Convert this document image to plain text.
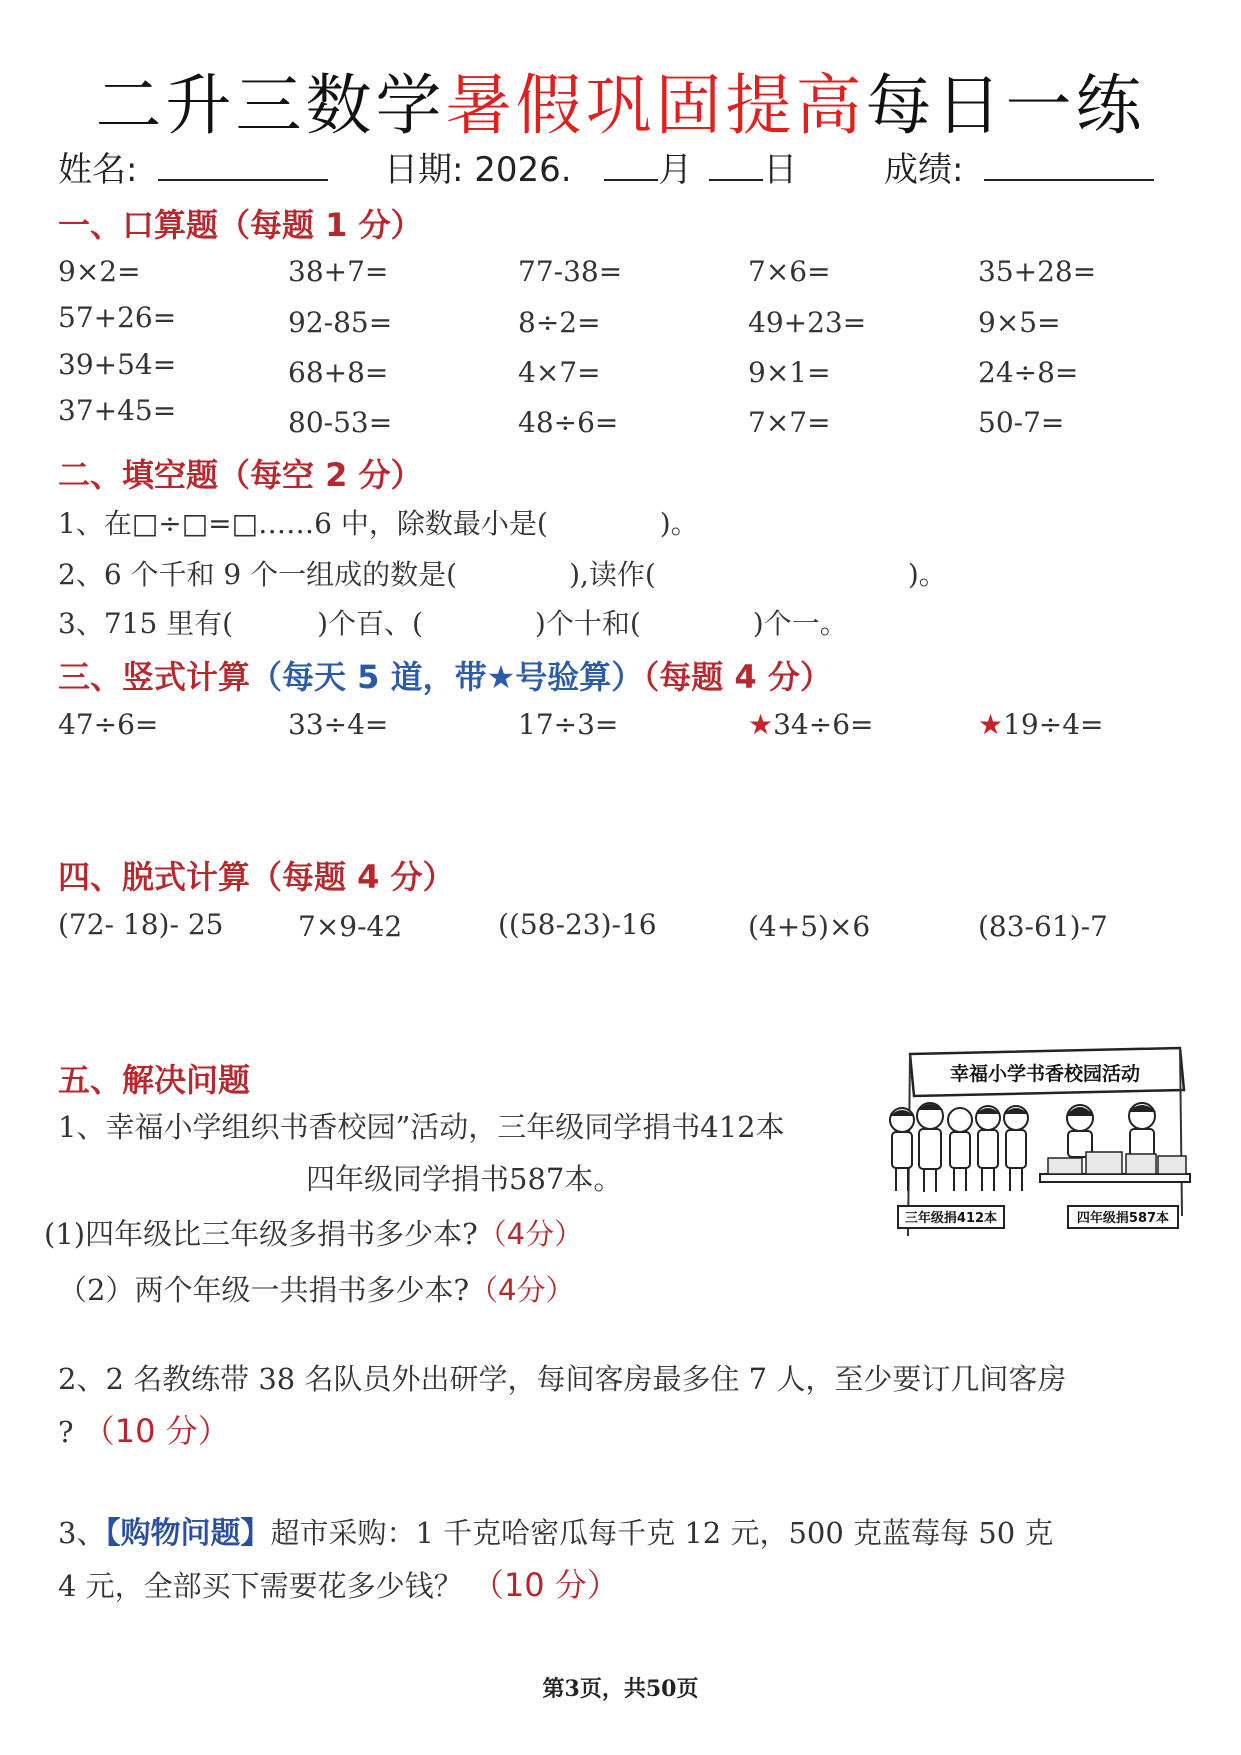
二升三数学暑假巩固提高每日一练
姓名:	日期: 2026.	月 日	成绩:
一、口算题（每题 1 分）
9×2=	38+7=	77-38=	7×6=	35+28=
57+26=	92-85=	8÷2=	49+23=	9×5=
39+54=	68+8=	4×7=	9×1=	24÷8=
37+45=	80-53=	48÷6=	7×7=	50-7=
二、填空题（每空 2 分）
1、在□÷□=□……6 中，除数最小是(　　　　)。
2、6 个千和 9 个一组成的数是(　　　　),读作(　　　　　　　　　)。
3、715 里有(　　　)个百、(　　　　)个十和(　　　　)个一。
三、竖式计算（每天 5 道，带★号验算）（每题 4 分）
47÷6=	33÷4=	17÷3=	★34÷6=	★19÷4=
四、脱式计算（每题 4 分）
(72- 18)- 25	7×9-42	((58-23)-16	(4+5)×6	(83-61)-7
五、解决问题
1、幸福小学组织书香校园”活动，三年级同学捐书412本
四年级同学捐书587本。
(1)四年级比三年级多捐书多少本?（4分）
（2）两个年级一共捐书多少本?（4分）
2、2 名教练带 38 名队员外出研学，每间客房最多住 7 人，至少要订几间客房
? （10 分）
3、【购物问题】超市采购：1 千克哈密瓜每千克 12 元，500 克蓝莓每 50 克
4 元，全部买下需要花多少钱？ （10 分）
幸福小学书香校园活动
三年级捐412本	四年级捐587本
第3页，共50页
